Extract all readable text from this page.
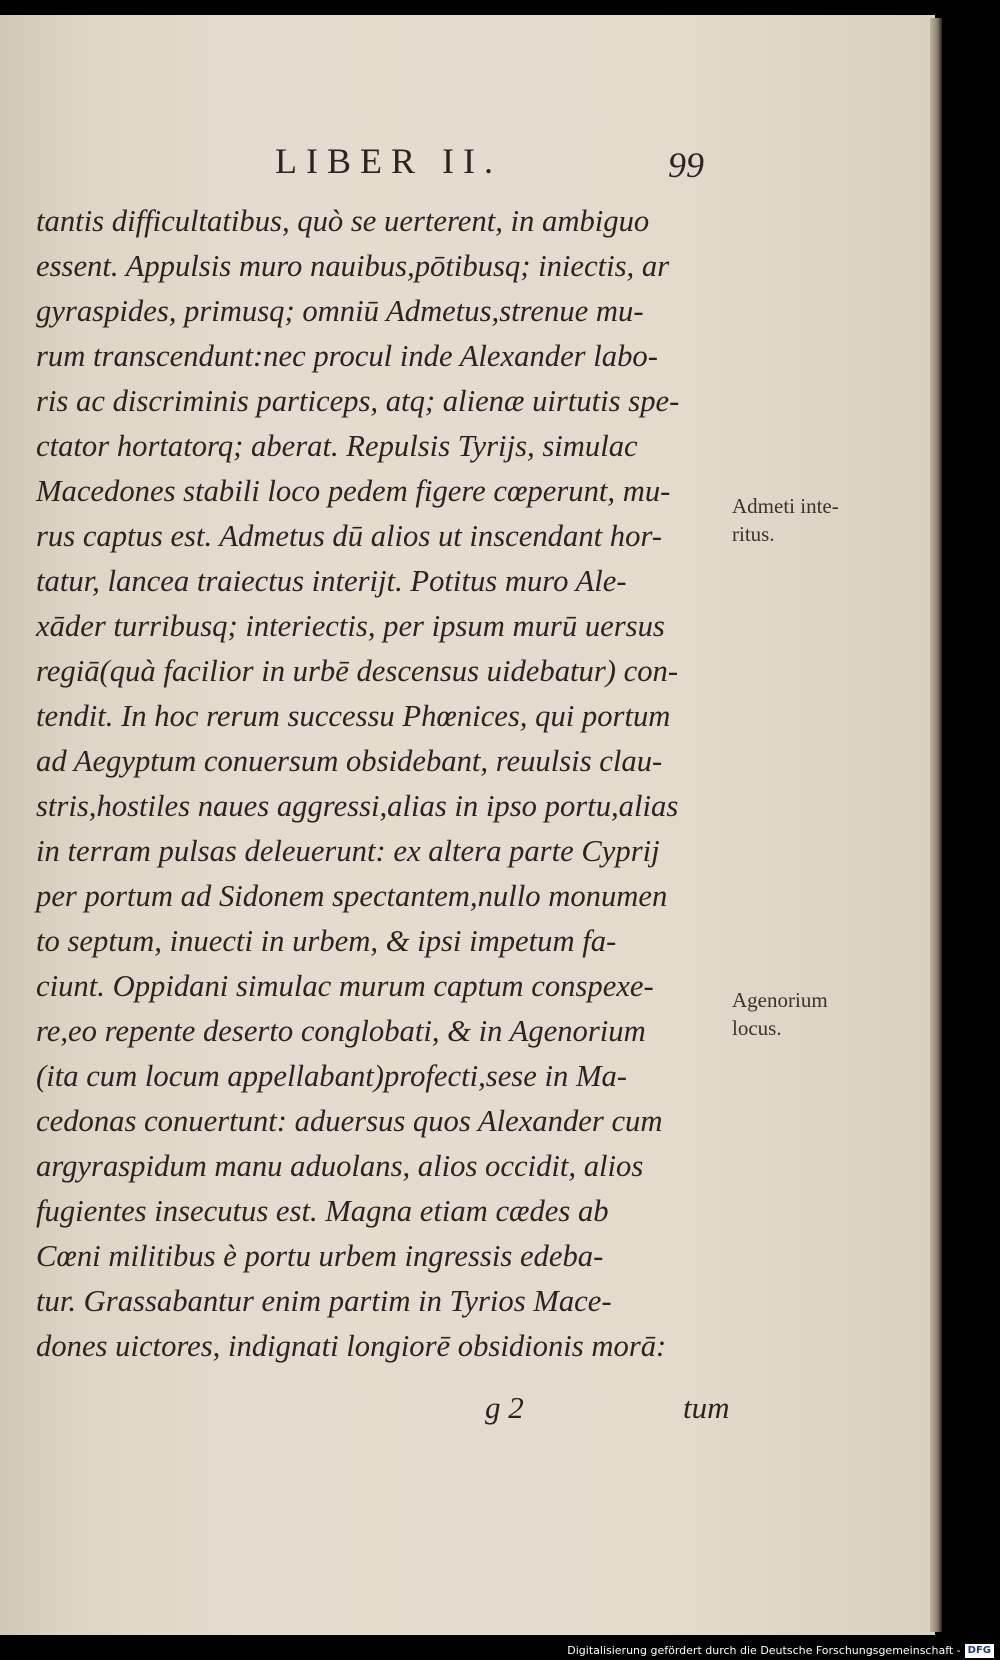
LIBER II.	99
tantis difficultatibus, quò se uerterent, in ambiguo
essent. Appulsis muro nauibus,pōtibusq; iniectis, ar
gyraspides, primusq; omniū Admetus,strenue mu-
rum transcendunt:nec procul inde Alexander labo-
ris ac discriminis particeps, atq; alienæ uirtutis spe-
ctator hortatorq; aberat. Repulsis Tyrijs, simulac
Macedones stabili loco pedem figere cœperunt, mu-
rus captus est. Admetus dū alios ut inscendant hor-
tatur, lancea traiectus interijt. Potitus muro Ale-
xāder turribusq; interiectis, per ipsum murū uersus
regiā(quà facilior in urbē descensus uidebatur) con-
tendit. In hoc rerum successu Phœnices, qui portum
ad Aegyptum conuersum obsidebant, reuulsis clau-
stris,hostiles naues aggressi,alias in ipso portu,alias
in terram pulsas deleuerunt: ex altera parte Cyprij
per portum ad Sidonem spectantem,nullo monumen
to septum, inuecti in urbem, & ipsi impetum fa-
ciunt. Oppidani simulac murum captum conspexe-
re,eo repente deserto conglobati, & in Agenorium
(ita cum locum appellabant)profecti,sese in Ma-
cedonas conuertunt: aduersus quos Alexander cum
argyraspidum manu aduolans, alios occidit, alios
fugientes insecutus est. Magna etiam cædes ab
Cœni militibus è portu urbem ingressis edeba-
tur. Grassabantur enim partim in Tyrios Mace-
dones uictores, indignati longiorē obsidionis morā:
g 2	tum
Admeti inte-
ritus.
Agenorium
locus.
Digitalisierung gefördert durch die Deutsche Forschungsgemeinschaft - DFG
